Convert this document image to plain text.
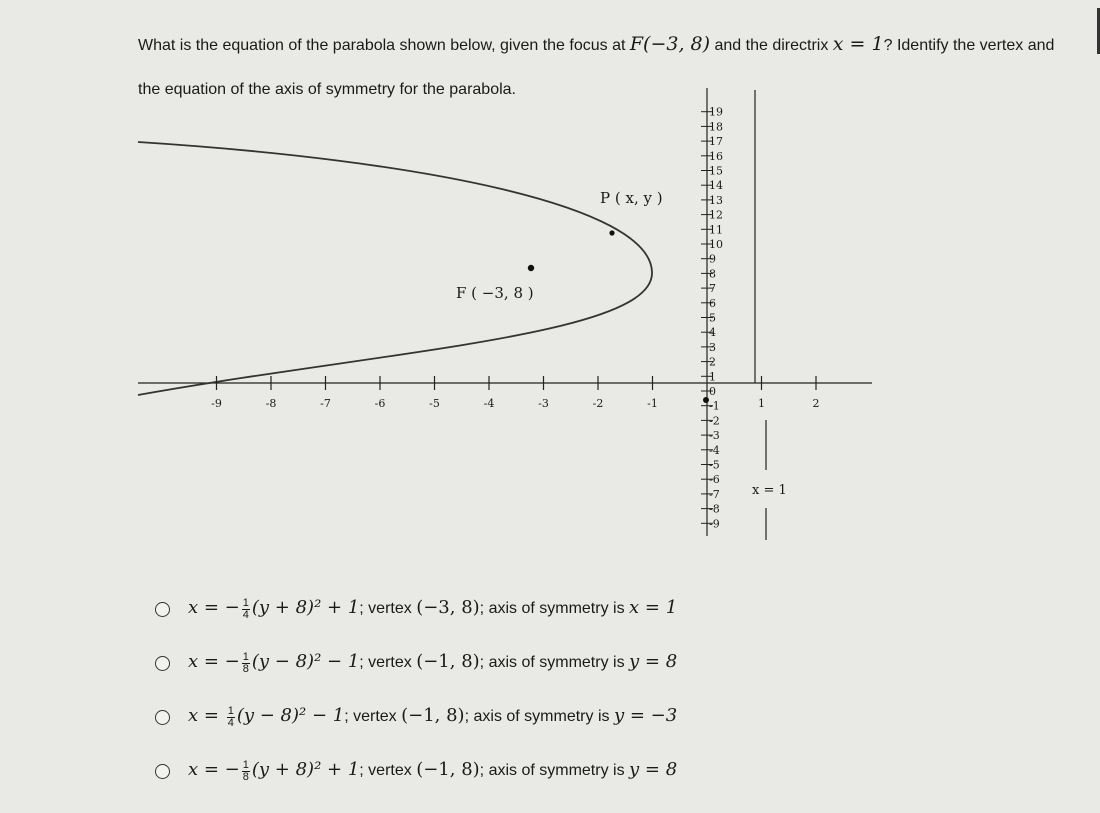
What is the equation of the parabola shown below, given the focus at F(−3, 8) and the directrix x = 1? Identify the vertex and the equation of the axis of symmetry for the parabola.
-9	-8	-7	-6	-5	-4	-3	-2	-1	1	2
19
18
17
16
15
14
13
12
11
10
9
8
7
6
5
4
3
2
1
0
-1
-2
-3
-4
-5
-6
-7
-8
-9
F ( −3, 8 )
P ( x, y )
x = 1
x = − $\frac{1}{4} (y + 8)^2 + 1$; vertex (−3, 8); axis of symmetry is x = 1
x = − $\frac{1}{8} (y - 8)^2 - 1$; vertex (−1, 8); axis of symmetry is y = 8
$x = \frac{1}{4} (y - 8)^2 - 1$; vertex (−1, 8); axis of symmetry is y = −3
x = − $\frac{1}{8} (y + 8)^2 + 1$; vertex (−1, 8); axis of symmetry is y = 8
